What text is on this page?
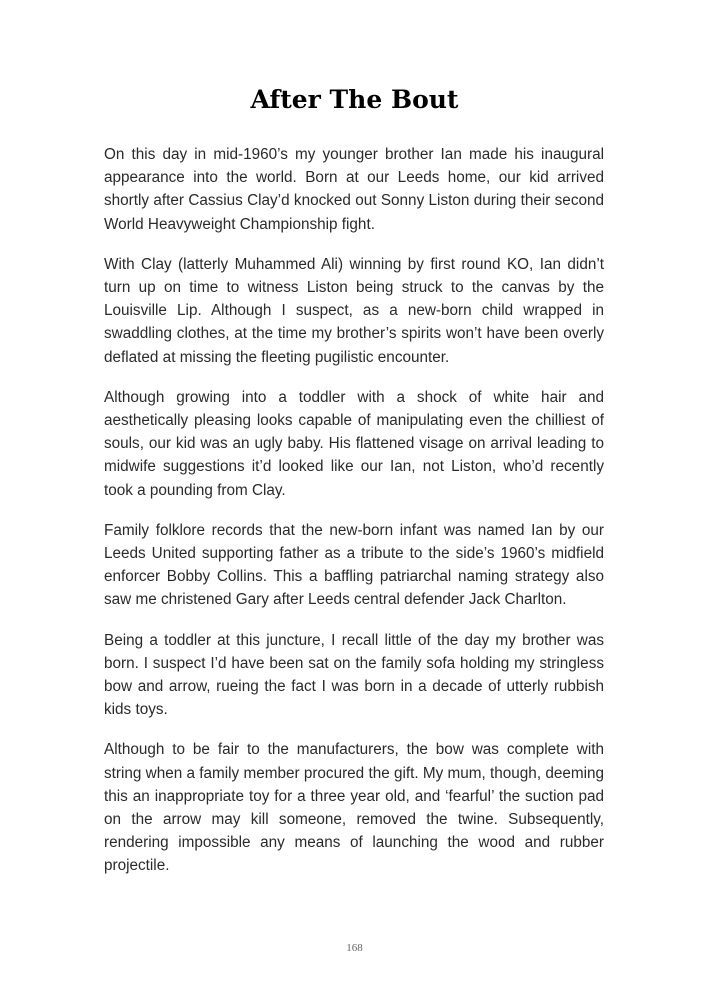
After The Bout

On this day in mid-1960’s my younger brother Ian made his inaugural appearance into the world. Born at our Leeds home, our kid arrived shortly after Cassius Clay’d knocked out Sonny Liston during their second World Heavyweight Championship fight.

With Clay (latterly Muhammed Ali) winning by first round KO, Ian didn’t turn up on time to witness Liston being struck to the canvas by the Louisville Lip. Although I suspect, as a new-born child wrapped in swaddling clothes, at the time my brother’s spirits won’t have been overly deflated at missing the fleeting pugilistic encounter.

Although growing into a toddler with a shock of white hair and aesthetically pleasing looks capable of manipulating even the chilliest of souls, our kid was an ugly baby. His flattened visage on arrival leading to midwife suggestions it’d looked like our Ian, not Liston, who’d recently took a pounding from Clay.

Family folklore records that the new-born infant was named Ian by our Leeds United supporting father as a tribute to the side’s 1960’s midfield enforcer Bobby Collins. This a baffling patriarchal naming strategy also saw me christened Gary after Leeds central defender Jack Charlton.

Being a toddler at this juncture, I recall little of the day my brother was born. I suspect I’d have been sat on the family sofa holding my stringless bow and arrow, rueing the fact I was born in a decade of utterly rubbish kids toys.

Although to be fair to the manufacturers, the bow was complete with string when a family member procured the gift. My mum, though, deeming this an inappropriate toy for a three year old, and ‘fearful’ the suction pad on the arrow may kill someone, removed the twine. Subsequently, rendering impossible any means of launching the wood and rubber projectile.

168
